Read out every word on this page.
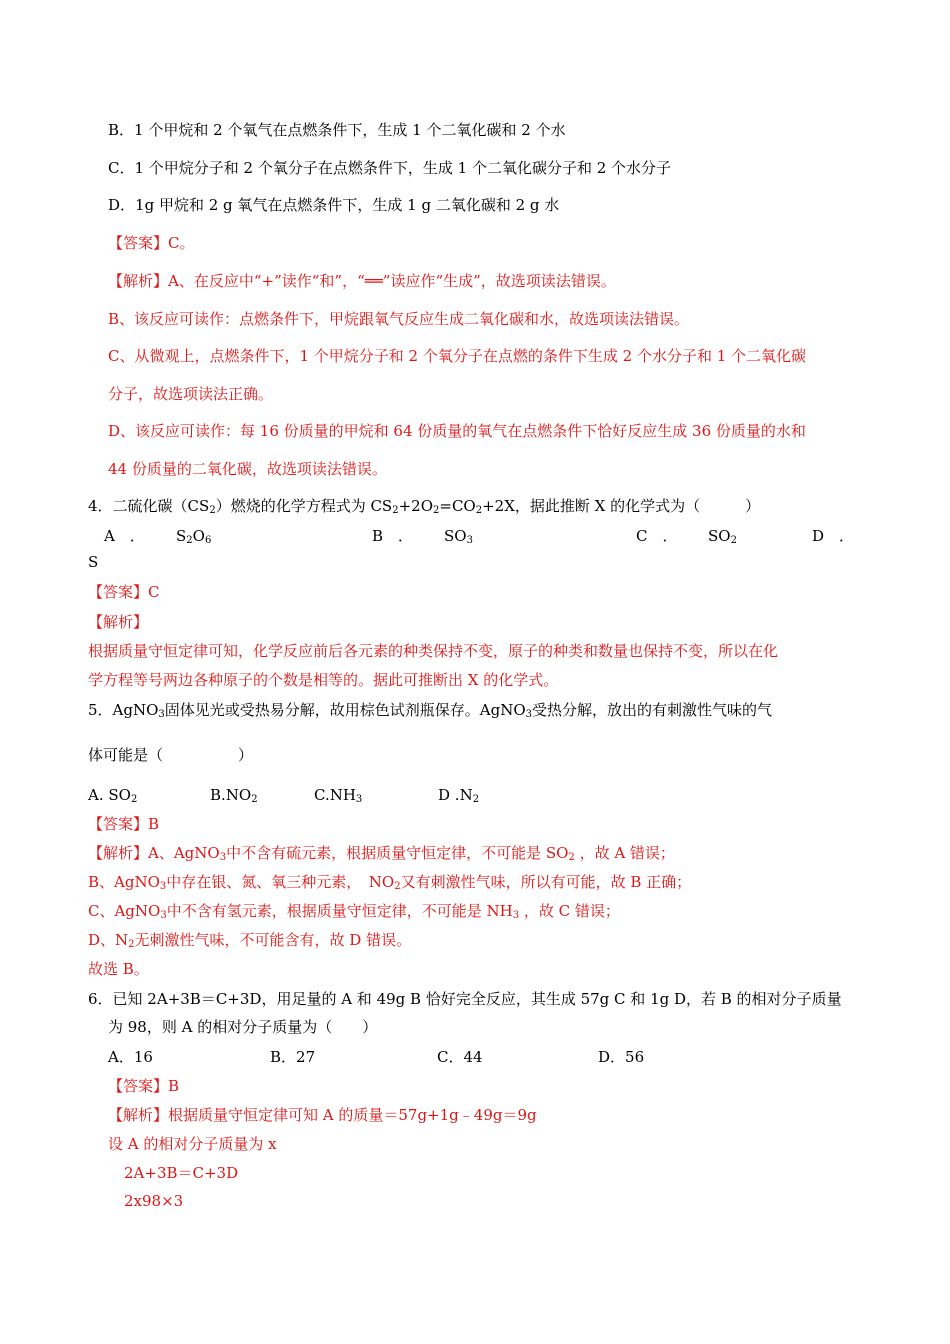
B．1 个甲烷和 2 个氧气在点燃条件下，生成 1 个二氧化碳和 2 个水
C．1 个甲烷分子和 2 个氧分子在点燃条件下，生成 1 个二氧化碳分子和 2 个水分子
D．1g 甲烷和 2 g 氧气在点燃条件下，生成 1 g 二氧化碳和 2 g 水
【答案】C。
【解析】A、在反应中“+”读作“和”，“══”读应作“生成”，故选项读法错误。
B、该反应可读作：点燃条件下，甲烷跟氧气反应生成二氧化碳和水，故选项读法错误。
C、从微观上，点燃条件下，1 个甲烷分子和 2 个氧分子在点燃的条件下生成 2 个水分子和 1 个二氧化碳
分子，故选项读法正确。
D、该反应可读作：每 16 份质量的甲烷和 64 份质量的氧气在点燃条件下恰好反应生成 36 份质量的水和
44 份质量的二氧化碳，故选项读法错误。
4．二硫化碳$(CS_2)$燃烧的化学方程式为 $CS_2+2O_2=CO_2+2X$，据此推断 X 的化学式为（　　　）
A　． $S_2O_6$	B　． $SO_3$	C　． $SO_2$	D　．
S
【答案】C
【解析】
根据质量守恒定律可知，化学反应前后各元素的种类保持不变，原子的种类和数量也保持不变，所以在化
学方程等号两边各种原子的个数是相等的。据此可推断出 X 的化学式。
5．AgNO$_3$固体见光或受热易分解，故用棕色试剂瓶保存。AgNO$_3$受热分解，放出的有刺激性气味的气
体可能是（　　　　　）
A. $SO_2$	$B.NO_2$	$C.NH_3$	D $.N_2$
【答案】B
【解析】A、AgNO$_3$中不含有硫元素，根据质量守恒定律，不可能是 $SO_2$ ，故 A 错误；
B、AgNO$_3$中存在银、氮、氧三种元素，　$NO_2$又有刺激性气味，所以有可能，故 B 正确；
C、AgNO$_3$中不含有氢元素，根据质量守恒定律，不可能是 $NH_3$ ，故 C 错误；
D、$N_2$无刺激性气味，不可能含有，故 D 错误。
故选 B。
6．已知 2A+3B＝C+3D，用足量的 A 和 49g B 恰好完全反应，其生成 57g C 和 1g D，若 B 的相对分子质量
为 98，则 A 的相对分子质量为（　　）
A．16	B．27	C．44	D．56
【答案】B
【解析】根据质量守恒定律可知 A 的质量＝57g+1g﹣49g＝9g
设 A 的相对分子质量为 x
2A+3B＝C+3D
2x98×3
